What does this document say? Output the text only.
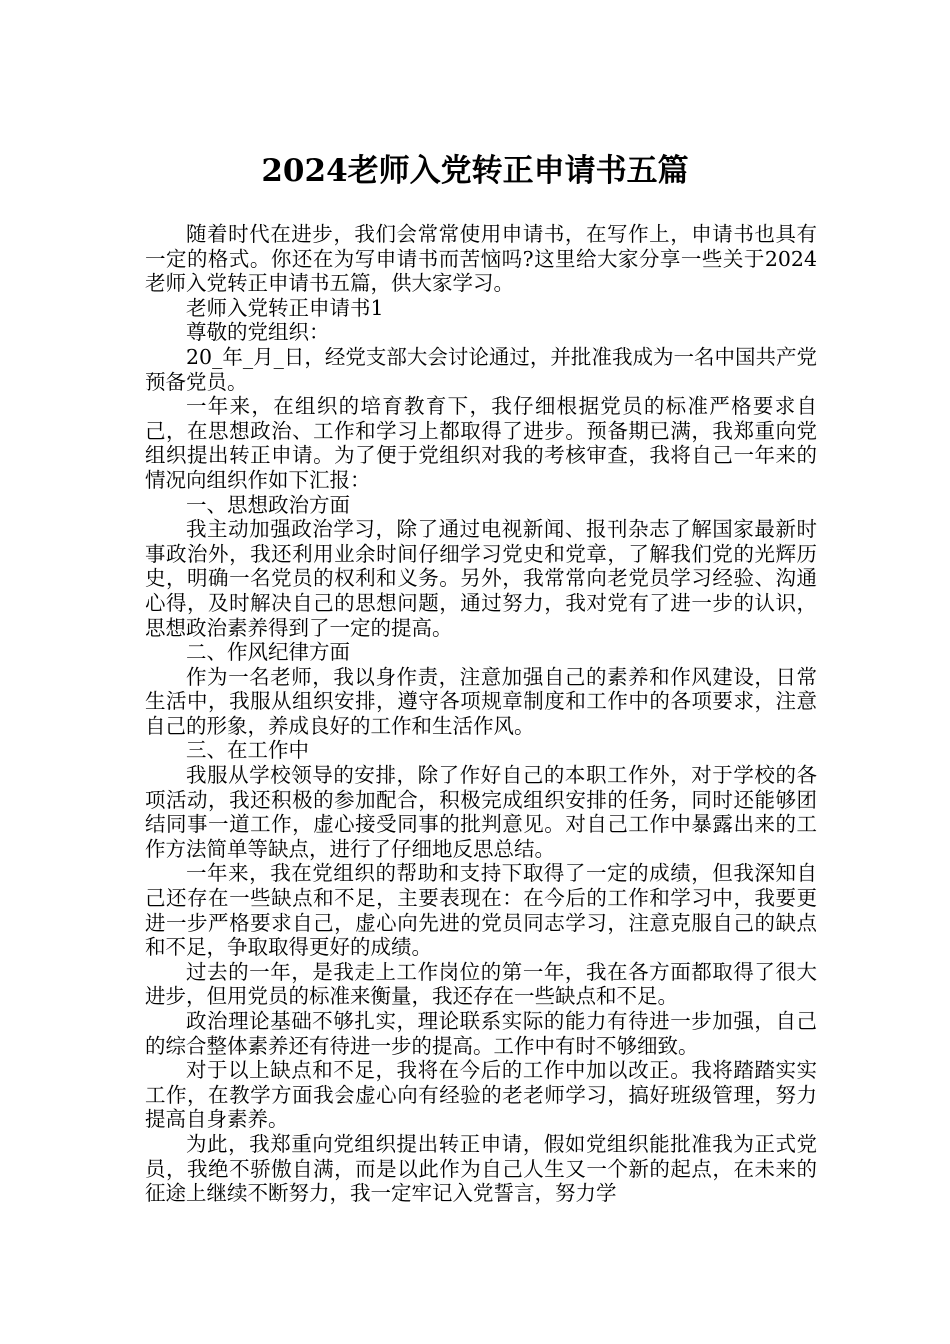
2024老师入党转正申请书五篇

随着时代在进步，我们会常常使用申请书，在写作上，申请书也具有一定的格式。你还在为写申请书而苦恼吗?这里给大家分享一些关于2024老师入党转正申请书五篇，供大家学习。

老师入党转正申请书1

尊敬的党组织：

20_年_月_日，经党支部大会讨论通过，并批准我成为一名中国共产党预备党员。

一年来，在组织的培育教育下，我仔细根据党员的标准严格要求自己，在思想政治、工作和学习上都取得了进步。预备期已满，我郑重向党组织提出转正申请。为了便于党组织对我的考核审查，我将自己一年来的情况向组织作如下汇报：

一、思想政治方面

我主动加强政治学习，除了通过电视新闻、报刊杂志了解国家最新时事政治外，我还利用业余时间仔细学习党史和党章，了解我们党的光辉历史，明确一名党员的权利和义务。另外，我常常向老党员学习经验、沟通心得，及时解决自己的思想问题，通过努力，我对党有了进一步的认识，思想政治素养得到了一定的提高。

二、作风纪律方面

作为一名老师，我以身作责，注意加强自己的素养和作风建设，日常生活中，我服从组织安排，遵守各项规章制度和工作中的各项要求，注意自己的形象，养成良好的工作和生活作风。

三、在工作中

我服从学校领导的安排，除了作好自己的本职工作外，对于学校的各项活动，我还积极的参加配合，积极完成组织安排的任务，同时还能够团结同事一道工作，虚心接受同事的批判意见。对自己工作中暴露出来的工作方法简单等缺点，进行了仔细地反思总结。

一年来，我在党组织的帮助和支持下取得了一定的成绩，但我深知自己还存在一些缺点和不足，主要表现在：在今后的工作和学习中，我要更进一步严格要求自己，虚心向先进的党员同志学习，注意克服自己的缺点和不足，争取取得更好的成绩。

过去的一年，是我走上工作岗位的第一年，我在各方面都取得了很大进步，但用党员的标准来衡量，我还存在一些缺点和不足。

政治理论基础不够扎实，理论联系实际的能力有待进一步加强，自己的综合整体素养还有待进一步的提高。工作中有时不够细致。

对于以上缺点和不足，我将在今后的工作中加以改正。我将踏踏实实工作，在教学方面我会虚心向有经验的老老师学习，搞好班级管理，努力提高自身素养。

为此，我郑重向党组织提出转正申请，假如党组织能批准我为正式党员，我绝不骄傲自满，而是以此作为自己人生又一个新的起点，在未来的征途上继续不断努力，我一定牢记入党誓言，努力学
